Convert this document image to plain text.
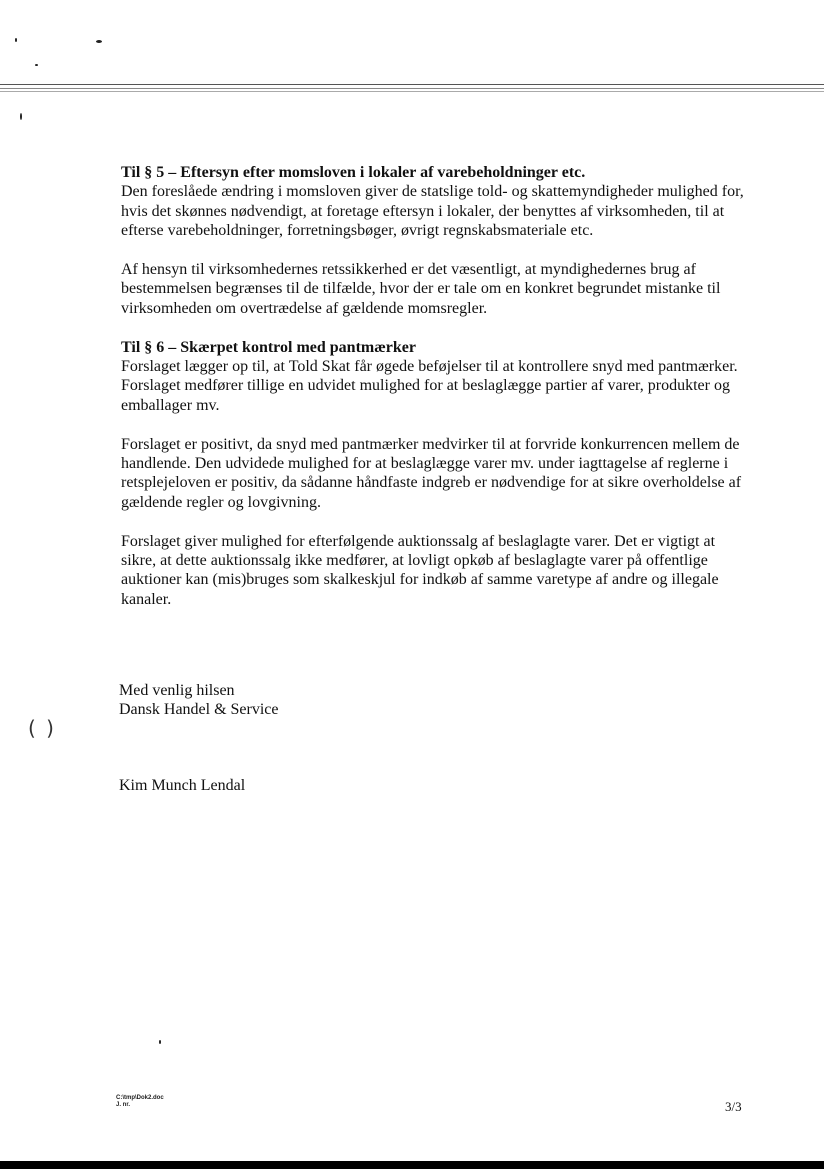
Til § 5 – Eftersyn efter momsloven i lokaler af varebeholdninger etc.

Den foreslåede ændring i momsloven giver de statslige told- og skattemyndigheder mulighed for, hvis det skønnes nødvendigt, at foretage eftersyn i lokaler, der benyttes af virksomheden, til at efterse varebeholdninger, forretningsbøger, øvrigt regnskabsmateriale etc.

Af hensyn til virksomhedernes retssikkerhed er det væsentligt, at myndighedernes brug af bestemmelsen begrænses til de tilfælde, hvor der er tale om en konkret begrundet mistanke til virksomheden om overtrædelse af gældende momsregler.

Til § 6 – Skærpet kontrol med pantmærker

Forslaget lægger op til, at Told Skat får øgede beføjelser til at kontrollere snyd med pantmærker. Forslaget medfører tillige en udvidet mulighed for at beslaglægge partier af varer, produkter og emballager mv.

Forslaget er positivt, da snyd med pantmærker medvirker til at forvride konkurrencen mellem de handlende. Den udvidede mulighed for at beslaglægge varer mv. under iagttagelse af reglerne i retsplejeloven er positiv, da sådanne håndfaste indgreb er nødvendige for at sikre overholdelse af gældende regler og lovgivning.

Forslaget giver mulighed for efterfølgende auktionssalg af beslaglagte varer. Det er vigtigt at sikre, at dette auktionssalg ikke medfører, at lovligt opkøb af beslaglagte varer på offentlige auktioner kan (mis)bruges som skalkeskjul for indkøb af samme varetype af andre og illegale kanaler.

Med venlig hilsen
Dansk Handel & Service
( )
Kim Munch Lendal
C:\tmp\Dok2.doc
J. nr.	3/3
